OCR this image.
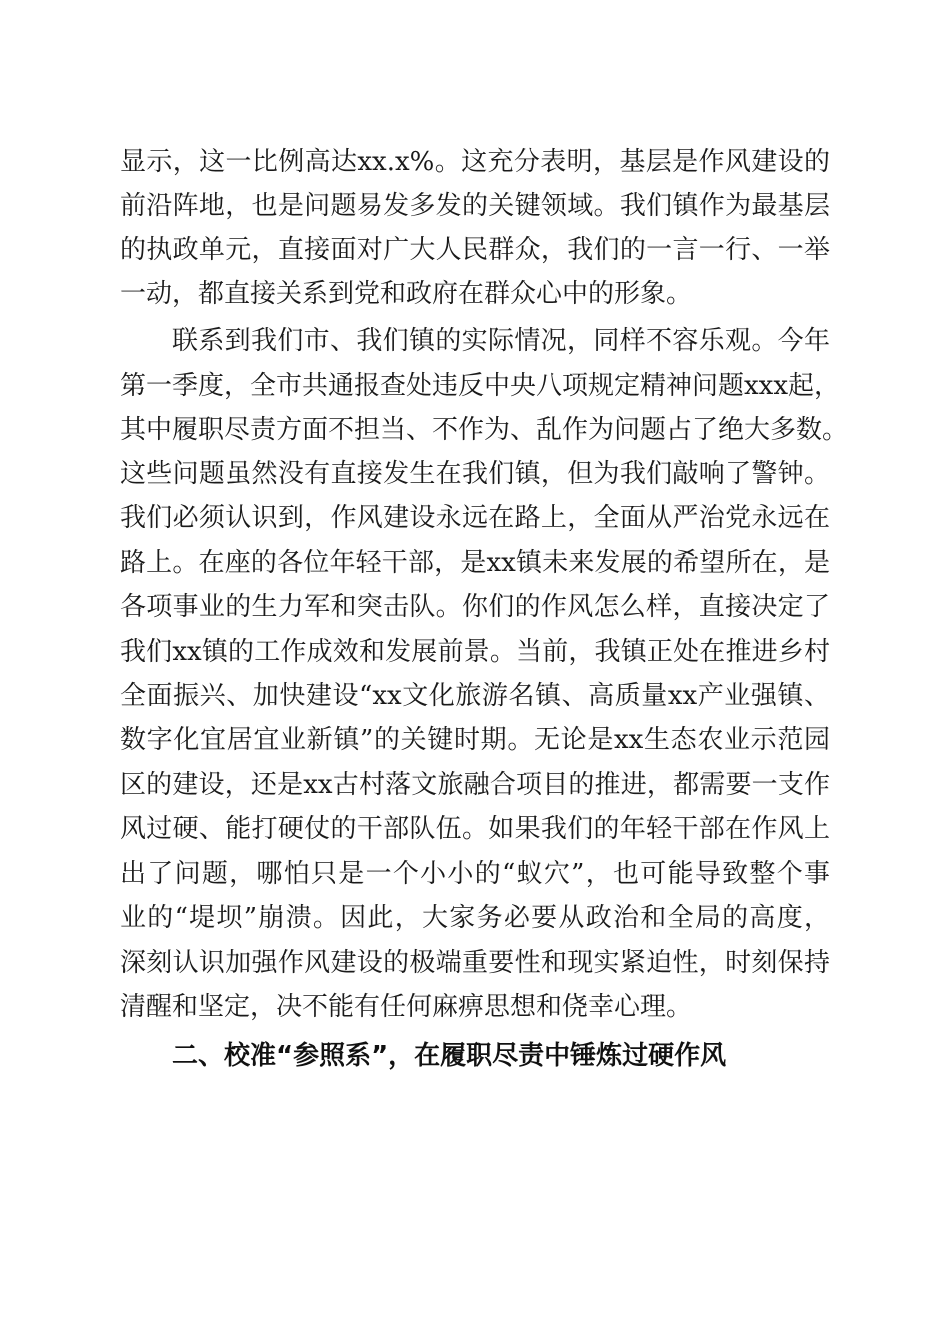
显示，这一比例高达xx.x%。这充分表明，基层是作风建设的
前沿阵地，也是问题易发多发的关键领域。我们镇作为最基层
的执政单元，直接面对广大人民群众，我们的一言一行、一举
一动，都直接关系到党和政府在群众心中的形象。
联系到我们市、我们镇的实际情况，同样不容乐观。今年
第一季度，全市共通报查处违反中央八项规定精神问题xxx起，
其中履职尽责方面不担当、不作为、乱作为问题占了绝大多数。
这些问题虽然没有直接发生在我们镇，但为我们敲响了警钟。
我们必须认识到，作风建设永远在路上，全面从严治党永远在
路上。在座的各位年轻干部，是xx镇未来发展的希望所在，是
各项事业的生力军和突击队。你们的作风怎么样，直接决定了
我们xx镇的工作成效和发展前景。当前，我镇正处在推进乡村
全面振兴、加快建设“xx文化旅游名镇、高质量xx产业强镇、
数字化宜居宜业新镇”的关键时期。无论是xx生态农业示范园
区的建设，还是xx古村落文旅融合项目的推进，都需要一支作
风过硬、能打硬仗的干部队伍。如果我们的年轻干部在作风上
出了问题，哪怕只是一个小小的“蚁穴”，也可能导致整个事
业的“堤坝”崩溃。因此，大家务必要从政治和全局的高度，
深刻认识加强作风建设的极端重要性和现实紧迫性，时刻保持
清醒和坚定，决不能有任何麻痹思想和侥幸心理。
二、校准“参照系”，在履职尽责中锤炼过硬作风
